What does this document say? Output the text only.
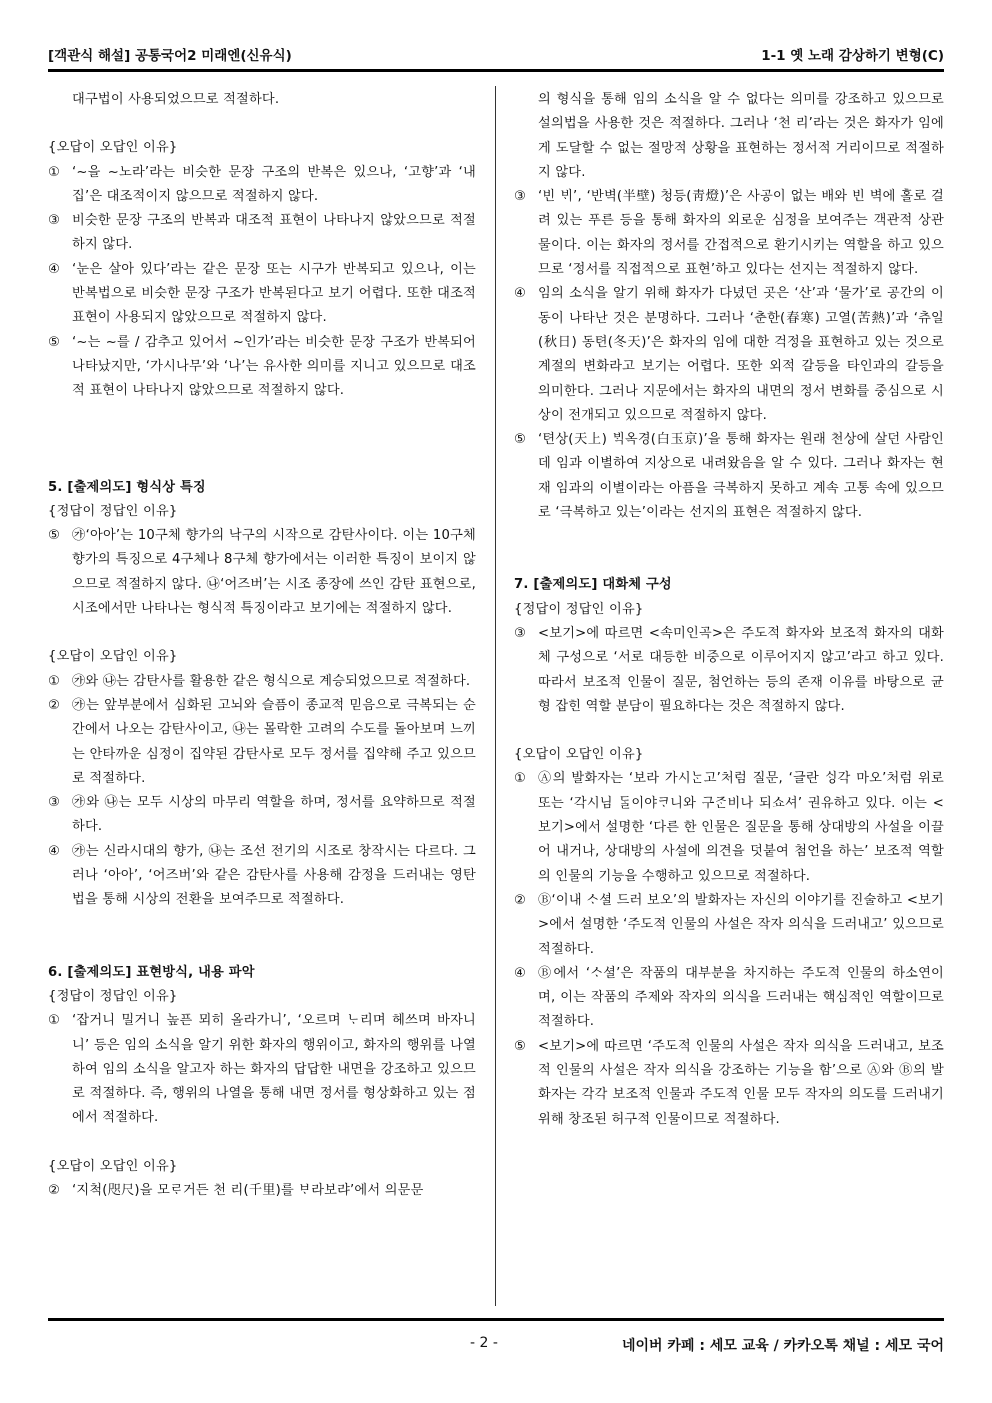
[객관식 해설] 공통국어2 미래엔(신유식)	1-1 옛 노래 감상하기 변형(C)

대구법이 사용되었으므로 적절하다.

{오답이 오답인 이유}

① ‘~을 ~노라’라는 비슷한 문장 구조의 반복은 있으나, ‘고향’과 ‘내 집’은 대조적이지 않으므로 적절하지 않다.
③ 비슷한 문장 구조의 반복과 대조적 표현이 나타나지 않았으므로 적절하지 않다.
④ ‘눈은 살아 있다’라는 같은 문장 또는 시구가 반복되고 있으나, 이는 반복법으로 비슷한 문장 구조가 반복된다고 보기 어렵다. 또한 대조적 표현이 사용되지 않았으므로 적절하지 않다.
⑤ ‘~는 ~를 / 감추고 있어서 ~인가’라는 비슷한 문장 구조가 반복되어 나타났지만, ‘가시나무’와 ‘나’는 유사한 의미를 지니고 있으므로 대조적 표현이 나타나지 않았으므로 적절하지 않다.

5. [출제의도] 형식상 특징

{정답이 정답인 이유}

⑤ ㉮‘아아’는 10구체 향가의 낙구의 시작으로 감탄사이다. 이는 10구체 향가의 특징으로 4구체나 8구체 향가에서는 이러한 특징이 보이지 않으므로 적절하지 않다. ㉯‘어즈버’는 시조 종장에 쓰인 감탄 표현으로, 시조에서만 나타나는 형식적 특징이라고 보기에는 적절하지 않다.

{오답이 오답인 이유}

① ㉮와 ㉯는 감탄사를 활용한 같은 형식으로 계승되었으므로 적절하다.
② ㉮는 앞부분에서 심화된 고뇌와 슬픔이 종교적 믿음으로 극복되는 순간에서 나오는 감탄사이고, ㉯는 몰락한 고려의 수도를 돌아보며 느끼는 안타까운 심정이 집약된 감탄사로 모두 정서를 집약해 주고 있으므로 적절하다.
③ ㉮와 ㉯는 모두 시상의 마무리 역할을 하며, 정서를 요약하므로 적절하다.
④ ㉮는 신라시대의 향가, ㉯는 조선 전기의 시조로 창작시는 다르다. 그러나 ‘아아’, ‘어즈버’와 같은 감탄사를 사용해 감정을 드러내는 영탄법을 통해 시상의 전환을 보여주므로 적절하다.

6. [출제의도] 표현방식, 내용 파악

{정답이 정답인 이유}

① ‘잡거니 밀거니 높픈 뫼히 올라가니’, ‘오르며 ᄂᆞ리며 헤쓰며 바자니니’ 등은 임의 소식을 알기 위한 화자의 행위이고, 화자의 행위를 나열하여 임의 소식을 알고자 하는 화자의 답답한 내면을 강조하고 있으므로 적절하다. 즉, 행위의 나열을 통해 내면 정서를 형상화하고 있는 점에서 적절하다.

{오답이 오답인 이유}

② ‘지척(咫尺)을 모ᄅᆞ거든 천 리(千里)를 ᄇᆞ라보랴’에서 의문문

의 형식을 통해 임의 소식을 알 수 없다는 의미를 강조하고 있으므로 설의법을 사용한 것은 적절하다. 그러나 ‘천 리’라는 것은 화자가 임에게 도달할 수 없는 절망적 상황을 표현하는 정서적 거리이므로 적절하지 않다.

③ ‘빈 ᄇᆡ’, ‘반벽(半壁) 청등(靑燈)’은 사공이 없는 배와 빈 벽에 홀로 걸려 있는 푸른 등을 통해 화자의 외로운 심정을 보여주는 객관적 상관물이다. 이는 화자의 정서를 간접적으로 환기시키는 역할을 하고 있으므로 ‘정서를 직접적으로 표현’하고 있다는 선지는 적절하지 않다.
④ 임의 소식을 알기 위해 화자가 다녔던 곳은 ‘산’과 ‘물가’로 공간의 이동이 나타난 것은 분명하다. 그러나 ‘춘한(春寒) 고열(苦熱)’과 ‘츄일(秋日) 동텬(冬天)’은 화자의 임에 대한 걱정을 표현하고 있는 것으로 계절의 변화라고 보기는 어렵다. 또한 외적 갈등을 타인과의 갈등을 의미한다. 그러나 지문에서는 화자의 내면의 정서 변화를 중심으로 시상이 전개되고 있으므로 적절하지 않다.
⑤ ‘텬상(天上) ᄇᆡᆨ옥경(白玉京)’을 통해 화자는 원래 천상에 살던 사람인데 임과 이별하여 지상으로 내려왔음을 알 수 있다. 그러나 화자는 현재 임과의 이별이라는 아픔을 극복하지 못하고 계속 고통 속에 있으므로 ‘극복하고 있는’이라는 선지의 표현은 적절하지 않다.

7. [출제의도] 대화체 구성

{정답이 정답인 이유}

③ <보기>에 따르면 <속미인곡>은 주도적 화자와 보조적 화자의 대화체 구성으로 ‘서로 대등한 비중으로 이루어지지 않고’라고 하고 있다. 따라서 보조적 인물이 질문, 첨언하는 등의 존재 이유를 바탕으로 균형 잡힌 역할 분담이 필요하다는 것은 적절하지 않다.

{오답이 오답인 이유}

① Ⓐ의 발화자는 ‘보라 가시ᄂᆞᆫ고’처럼 질문, ‘글란 ᄉᆡᆼ각 마오’처럼 위로 또는 ‘각시님 ᄃᆞᆯ이야ᄏᆞ니와 구ᄌᆞᆫ비나 되쇼셔’ 권유하고 있다. 이는 <보기>에서 설명한 ‘다른 한 인물은 질문을 통해 상대방의 사설을 이끌어 내거나, 상대방의 사설에 의견을 덧붙여 첨언을 하는’ 보조적 역할의 인물의 기능을 수행하고 있으므로 적절하다.
② Ⓑ‘이내 ᄉᆞ셜 드러 보오’의 발화자는 자신의 이야기를 진술하고 <보기>에서 설명한 ‘주도적 인물의 사설은 작자 의식을 드러내고’ 있으므로 적절하다.
④ Ⓑ에서 ‘ᄉᆞ셜’은 작품의 대부분을 차지하는 주도적 인물의 하소연이며, 이는 작품의 주제와 작자의 의식을 드러내는 핵심적인 역할이므로 적절하다.
⑤ <보기>에 따르면 ‘주도적 인물의 사설은 작자 의식을 드러내고, 보조적 인물의 사설은 작자 의식을 강조하는 기능을 함’으로 Ⓐ와 Ⓑ의 발화자는 각각 보조적 인물과 주도적 인물 모두 작자의 의도를 드러내기 위해 창조된 허구적 인물이므로 적절하다.
- 2 -	네이버 카페 : 세모 교육 / 카카오톡 채널 : 세모 국어
